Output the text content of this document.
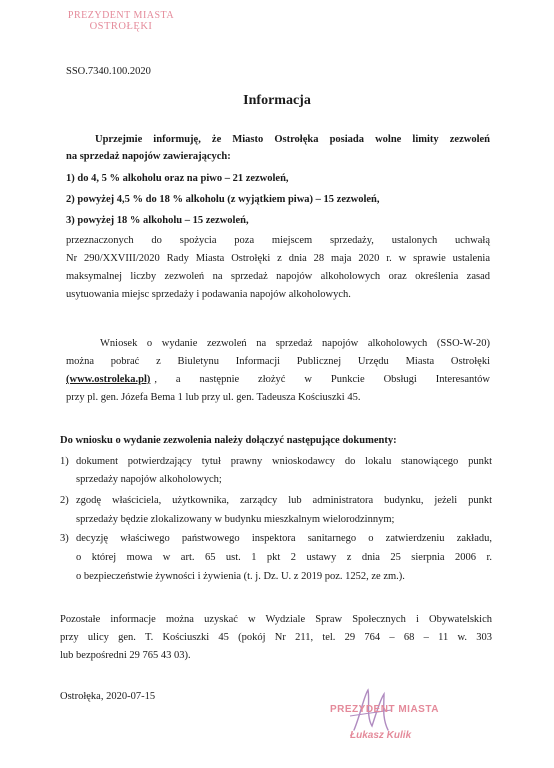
PREZYDENT MIASTA
OSTROŁĘKI
SSO.7340.100.2020
Informacja
Uprzejmie informuję, że Miasto Ostrołęka posiada wolne limity zezwoleń
na sprzedaż napojów zawierających:
1) do 4, 5 % alkoholu oraz na piwo – 21 zezwoleń,
2) powyżej 4,5 % do 18 % alkoholu (z wyjątkiem piwa) – 15 zezwoleń,
3) powyżej 18 % alkoholu – 15 zezwoleń,
przeznaczonych do spożycia poza miejscem sprzedaży, ustalonych uchwałą
Nr 290/XXVIII/2020 Rady Miasta Ostrołęki z dnia 28 maja 2020 r. w sprawie ustalenia
maksymalnej liczby zezwoleń na sprzedaż napojów alkoholowych oraz określenia zasad
usytuowania miejsc sprzedaży i podawania napojów alkoholowych.
Wniosek o wydanie zezwoleń na sprzedaż napojów alkoholowych (SSO-W-20)
można pobrać z Biuletynu Informacji Publicznej Urzędu Miasta Ostrołęki
(www.ostroleka.pl) , a następnie złożyć w Punkcie Obsługi Interesantów
przy pl. gen. Józefa Bema 1 lub przy ul. gen. Tadeusza Kościuszki 45.
Do wniosku o wydanie zezwolenia należy dołączyć następujące dokumenty:
1) dokument potwierdzający tytuł prawny wnioskodawcy do lokalu stanowiącego punkt
sprzedaży napojów alkoholowych;
2) zgodę właściciela, użytkownika, zarządcy lub administratora budynku, jeżeli punkt
sprzedaży będzie zlokalizowany w budynku mieszkalnym wielorodzinnym;
3) decyzję właściwego państwowego inspektora sanitarnego o zatwierdzeniu zakładu,
o której mowa w art. 65 ust. 1 pkt 2 ustawy z dnia 25 sierpnia 2006 r.
o bezpieczeństwie żywności i żywienia (t. j. Dz. U. z 2019 poz. 1252, ze zm.).
Pozostałe informacje można uzyskać w Wydziale Spraw Społecznych i Obywatelskich
przy ulicy gen. T. Kościuszki 45 (pokój Nr 211, tel. 29 764 – 68 – 11 w. 303
lub bezpośredni 29 765 43 03).
Ostrołęka, 2020-07-15
PREZYDENT MIASTA
Łukasz Kulik
